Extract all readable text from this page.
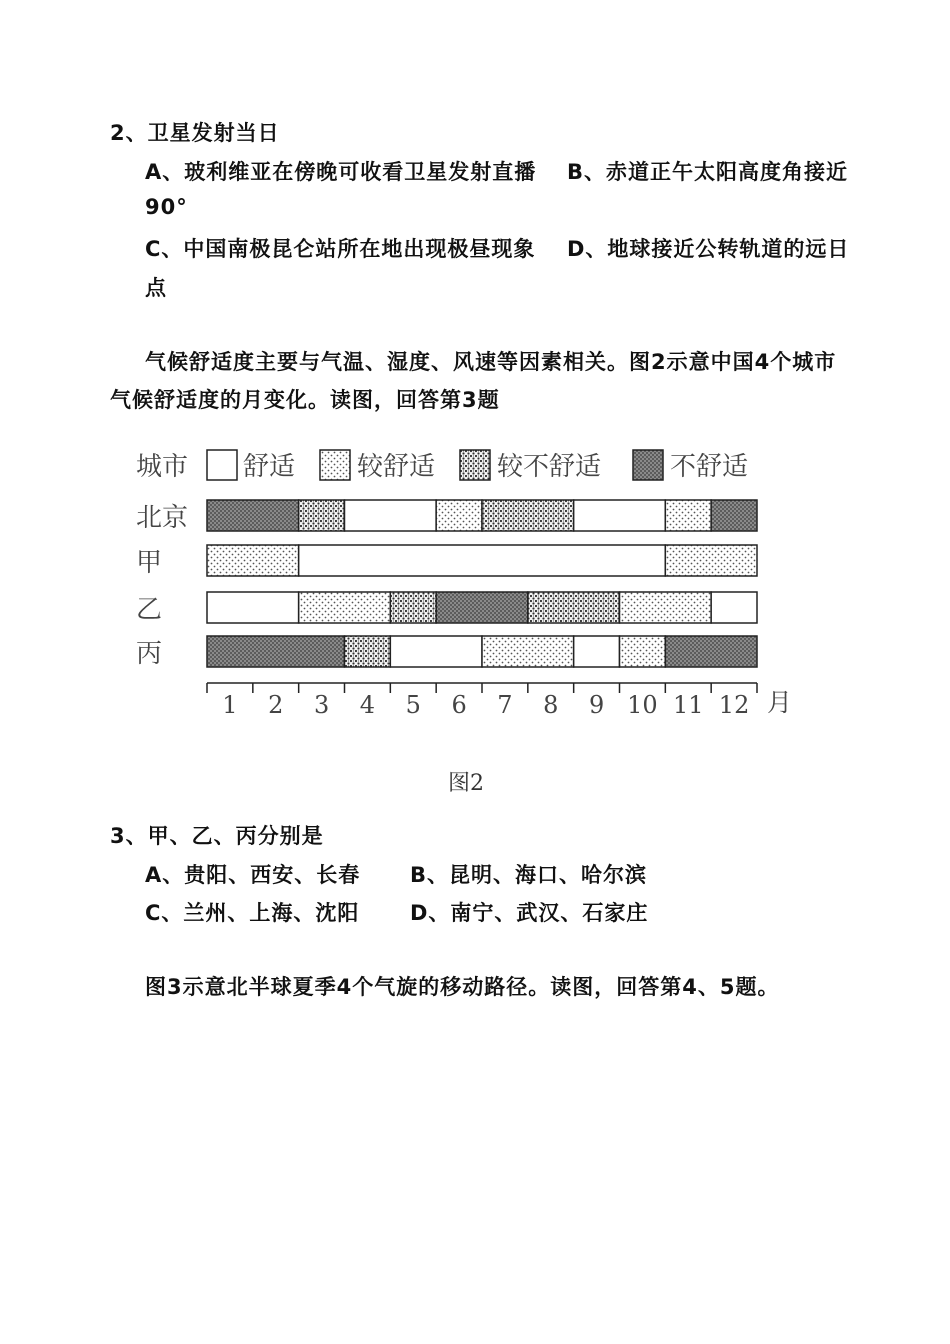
2、卫星发射当日
A、玻利维亚在傍晚可收看卫星发射直播 B、赤道正午太阳高度角接近
90°
C、中国南极昆仑站所在地出现极昼现象 D、地球接近公转轨道的远日
点
气候舒适度主要与气温、湿度、风速等因素相关。图2示意中国4个城市
气候舒适度的月变化。读图，回答第3题
城市 舒适 较舒适 较不舒适	不舒适
北京
甲
乙
丙
1 2 3 4 5 6 7 8 9 10 11 12 月
图2
3、甲、乙、丙分别是
A、贵阳、西安、长春 B、昆明、海口、哈尔滨
C、兰州、上海、沈阳 D、南宁、武汉、石家庄
图3示意北半球夏季4个气旋的移动路径。读图，回答第4、5题。
